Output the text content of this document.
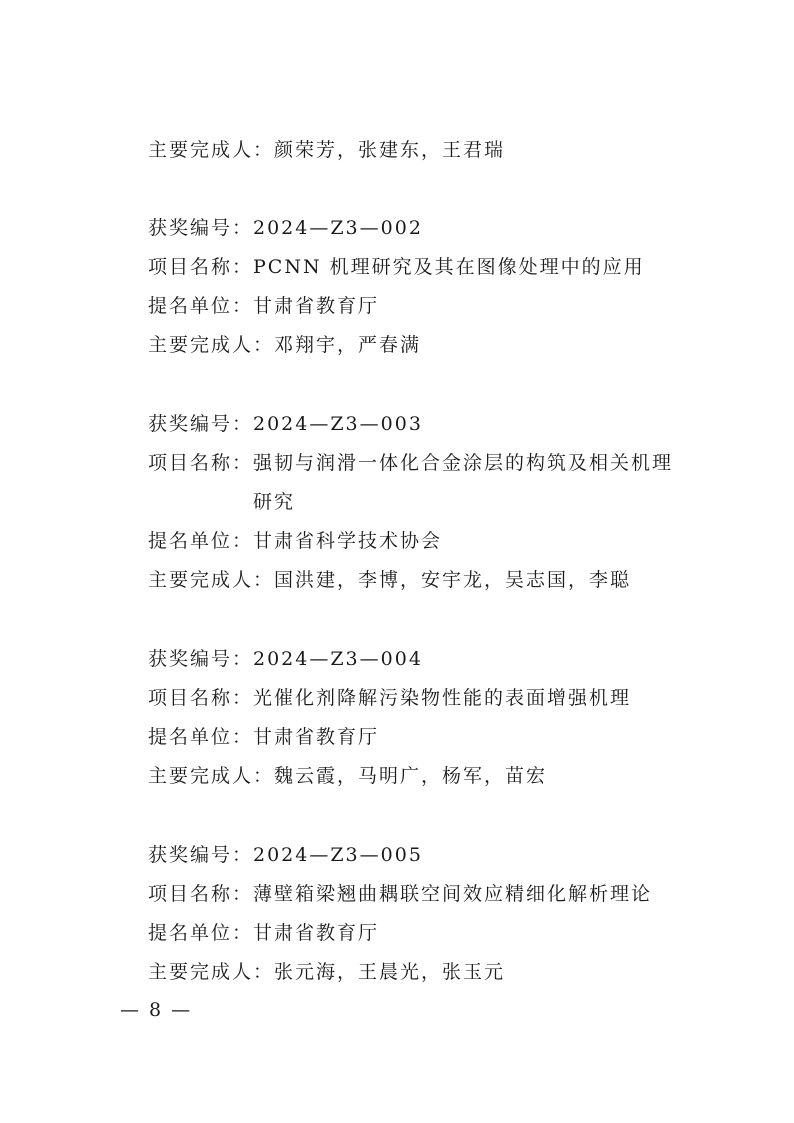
主要完成人：颜荣芳，张建东，王君瑞
获奖编号：2024—Z3—002
项目名称：PCNN 机理研究及其在图像处理中的应用
提名单位：甘肃省教育厅
主要完成人：邓翔宇，严春满
获奖编号：2024—Z3—003
项目名称：强韧与润滑一体化合金涂层的构筑及相关机理
研究
提名单位：甘肃省科学技术协会
主要完成人：国洪建，李博，安宇龙，吴志国，李聪
获奖编号：2024—Z3—004
项目名称：光催化剂降解污染物性能的表面增强机理
提名单位：甘肃省教育厅
主要完成人：魏云霞，马明广，杨军，苗宏
获奖编号：2024—Z3—005
项目名称：薄壁箱梁翘曲耦联空间效应精细化解析理论
提名单位：甘肃省教育厅
主要完成人：张元海，王晨光，张玉元
— 8 —
